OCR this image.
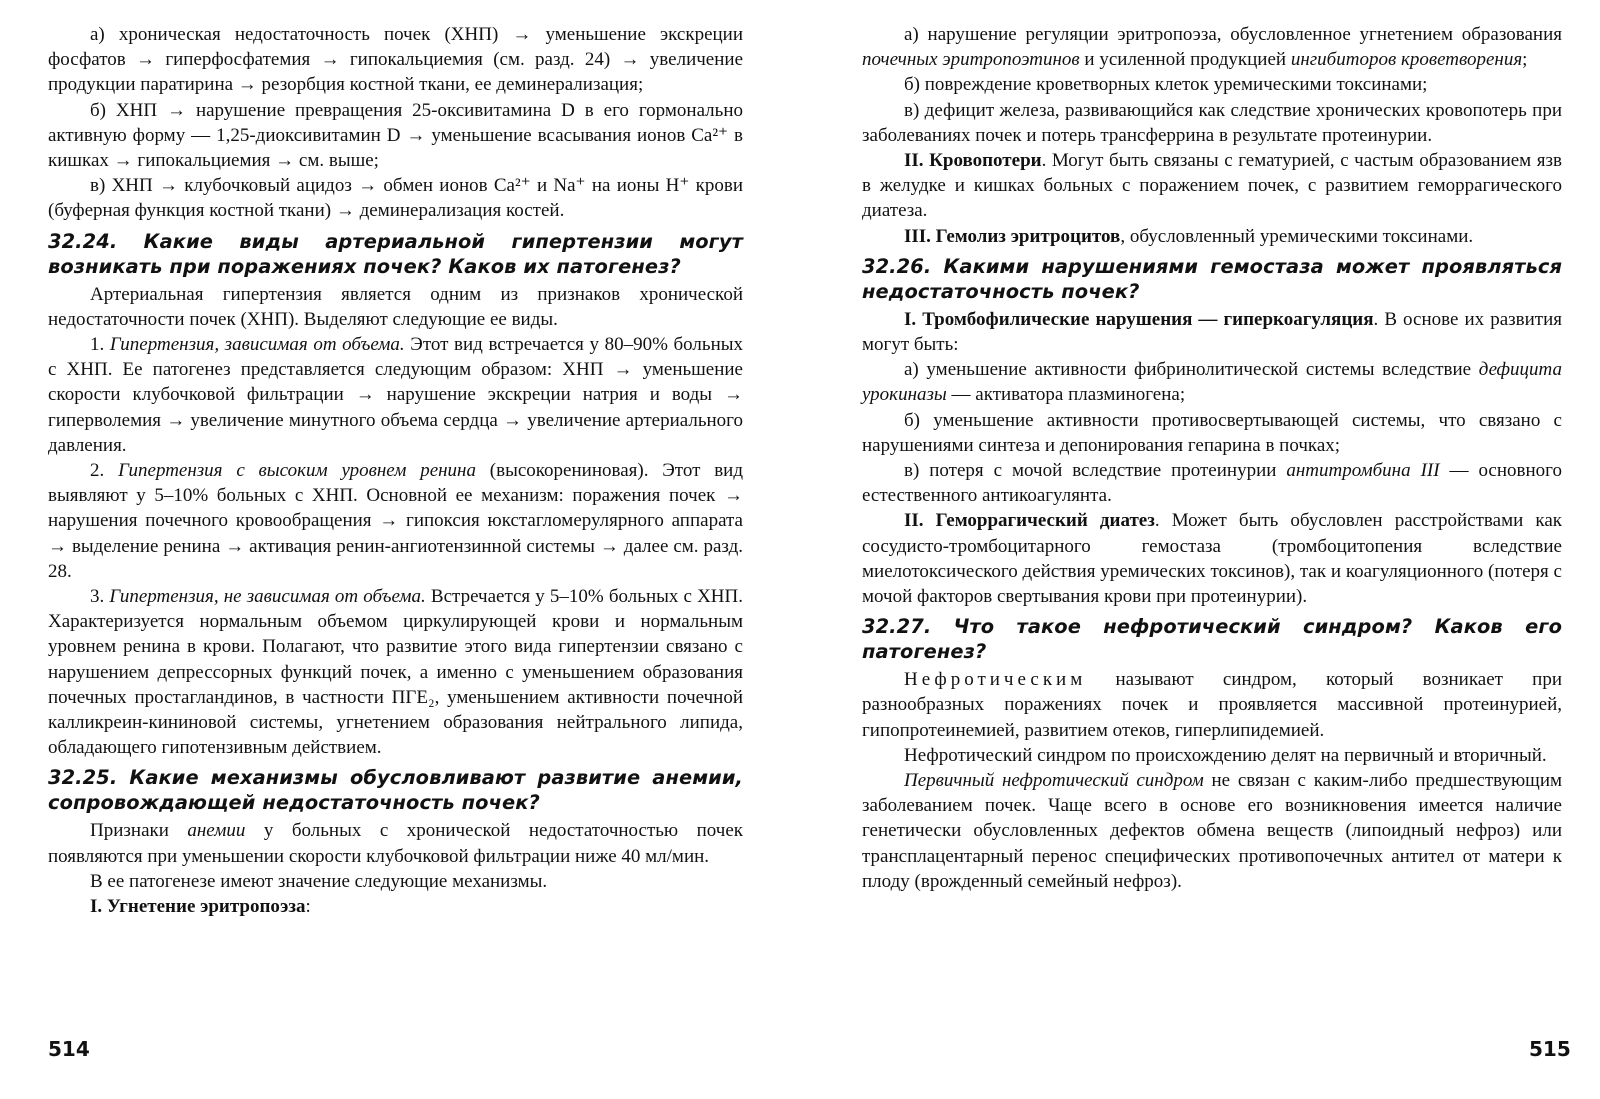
а) хроническая недостаточность почек (ХНП) → уменьшение экскреции фосфатов → гиперфосфатемия → гипокальциемия (см. разд. 24) → увеличение продукции паратирина → резорбция костной ткани, ее деминерализация;

б) ХНП → нарушение превращения 25-оксивитамина D в его гормонально активную форму — 1,25-диоксивитамин D → уменьшение всасывания ионов Ca²⁺ в кишках → гипокальциемия → см. выше;

в) ХНП → клубочковый ацидоз → обмен ионов Ca²⁺ и Na⁺ на ионы H⁺ крови (буферная функция костной ткани) → деминерализация костей.

32.24. Какие виды артериальной гипертензии могут возникать при поражениях почек? Каков их патогенез?

Артериальная гипертензия является одним из признаков хронической недостаточности почек (ХНП). Выделяют следующие ее виды.

1. Гипертензия, зависимая от объема. Этот вид встречается у 80–90% больных с ХНП. Ее патогенез представляется следующим образом: ХНП → уменьшение скорости клубочковой фильтрации → нарушение экскреции натрия и воды → гиперволемия → увеличение минутного объема сердца → увеличение артериального давления.

2. Гипертензия с высоким уровнем ренина (высокорениновая). Этот вид выявляют у 5–10% больных с ХНП. Основной ее механизм: поражения почек → нарушения почечного кровообращения → гипоксия юкстагломерулярного аппарата → выделение ренина → активация ренин-ангиотензинной системы → далее см. разд. 28.

3. Гипертензия, не зависимая от объема. Встречается у 5–10% больных с ХНП. Характеризуется нормальным объемом циркулирующей крови и нормальным уровнем ренина в крови. Полагают, что развитие этого вида гипертензии связано с нарушением депрессорных функций почек, а именно с уменьшением образования почечных простагландинов, в частности ПГЕ₂, уменьшением активности почечной калликреин-кининовой системы, угнетением образования нейтрального липида, обладающего гипотензивным действием.

32.25. Какие механизмы обусловливают развитие анемии, сопровождающей недостаточность почек?

Признаки анемии у больных с хронической недостаточностью почек появляются при уменьшении скорости клубочковой фильтрации ниже 40 мл/мин.

В ее патогенезе имеют значение следующие механизмы.

I. Угнетение эритропоэза:

а) нарушение регуляции эритропоэза, обусловленное угнетением образования почечных эритропоэтинов и усиленной продукцией ингибиторов кроветворения;

б) повреждение кроветворных клеток уремическими токсинами;

в) дефицит железа, развивающийся как следствие хронических кровопотерь при заболеваниях почек и потерь трансферрина в результате протеинурии.

II. Кровопотери. Могут быть связаны с гематурией, с частым образованием язв в желудке и кишках больных с поражением почек, с развитием геморрагического диатеза.

III. Гемолиз эритроцитов, обусловленный уремическими токсинами.

32.26. Какими нарушениями гемостаза может проявляться недостаточность почек?

I. Тромбофилические нарушения — гиперкоагуляция. В основе их развития могут быть:

а) уменьшение активности фибринолитической системы вследствие дефицита урокиназы — активатора плазминогена;

б) уменьшение активности противосвертывающей системы, что связано с нарушениями синтеза и депонирования гепарина в почках;

в) потеря с мочой вследствие протеинурии антитромбина III — основного естественного антикоагулянта.

II. Геморрагический диатез. Может быть обусловлен расстройствами как сосудисто-тромбоцитарного гемостаза (тромбоцитопения вследствие миелотоксического действия уремических токсинов), так и коагуляционного (потеря с мочой факторов свертывания крови при протеинурии).

32.27. Что такое нефротический синдром? Каков его патогенез?

Нефротическим называют синдром, который возникает при разнообразных поражениях почек и проявляется массивной протеинурией, гипопротеинемией, развитием отеков, гиперлипидемией.

Нефротический синдром по происхождению делят на первичный и вторичный.

Первичный нефротический синдром не связан с каким-либо предшествующим заболеванием почек. Чаще всего в основе его возникновения имеется наличие генетически обусловленных дефектов обмена веществ (липоидный нефроз) или трансплацентарный перенос специфических противопочечных антител от матери к плоду (врожденный семейный нефроз).

514	515
